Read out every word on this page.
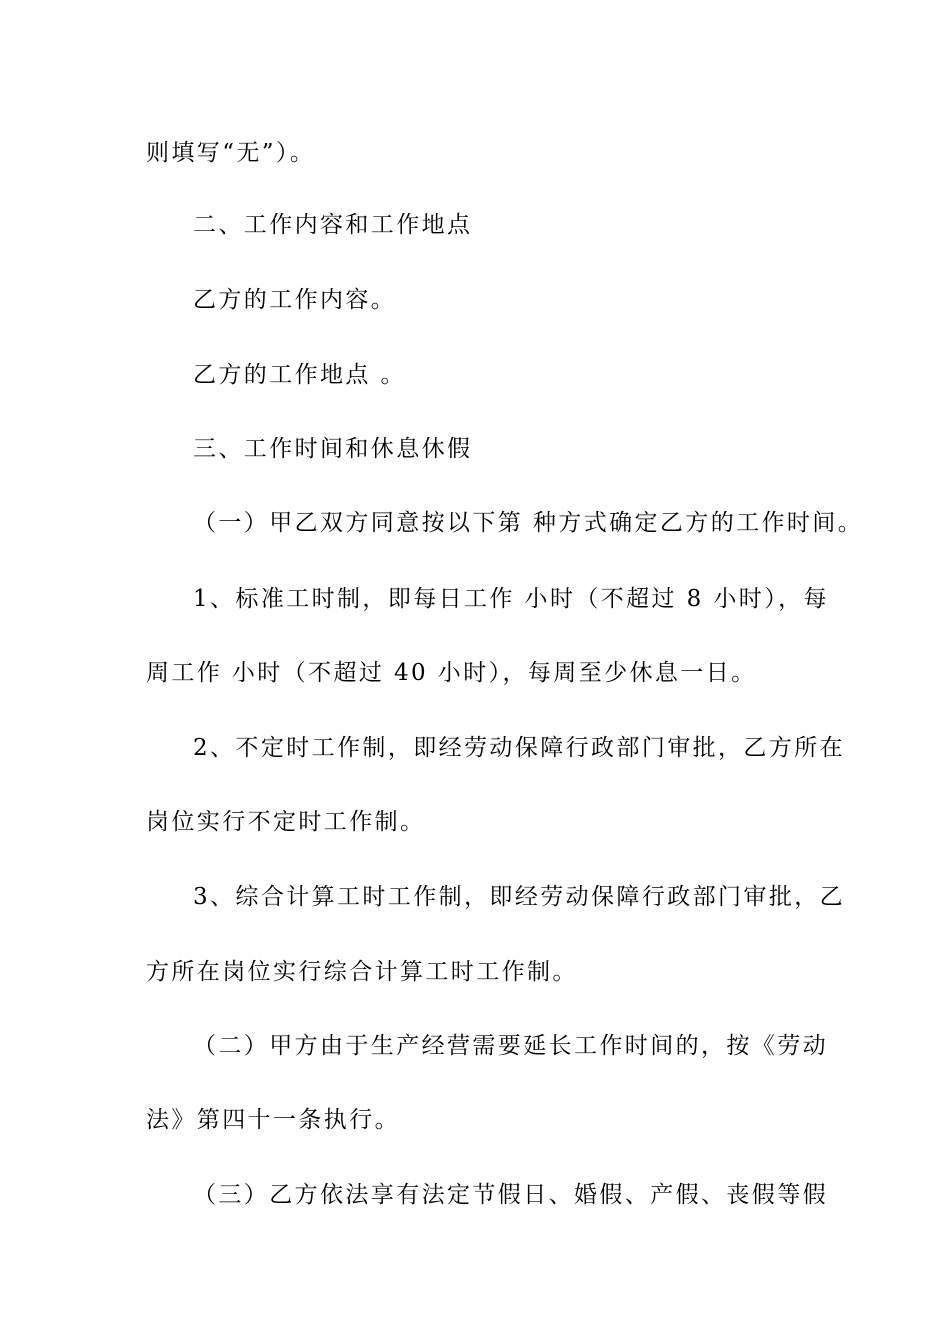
则填写“无”）。
二、工作内容和工作地点
乙方的工作内容。
乙方的工作地点 。
三、工作时间和休息休假
（一）甲乙双方同意按以下第 种方式确定乙方的工作时间。
1、标准工时制，即每日工作 小时（不超过 8 小时），每
周工作 小时（不超过 40 小时），每周至少休息一日。
2、不定时工作制，即经劳动保障行政部门审批，乙方所在
岗位实行不定时工作制。
3、综合计算工时工作制，即经劳动保障行政部门审批，乙
方所在岗位实行综合计算工时工作制。
（二）甲方由于生产经营需要延长工作时间的，按《劳动
法》第四十一条执行。
（三）乙方依法享有法定节假日、婚假、产假、丧假等假
